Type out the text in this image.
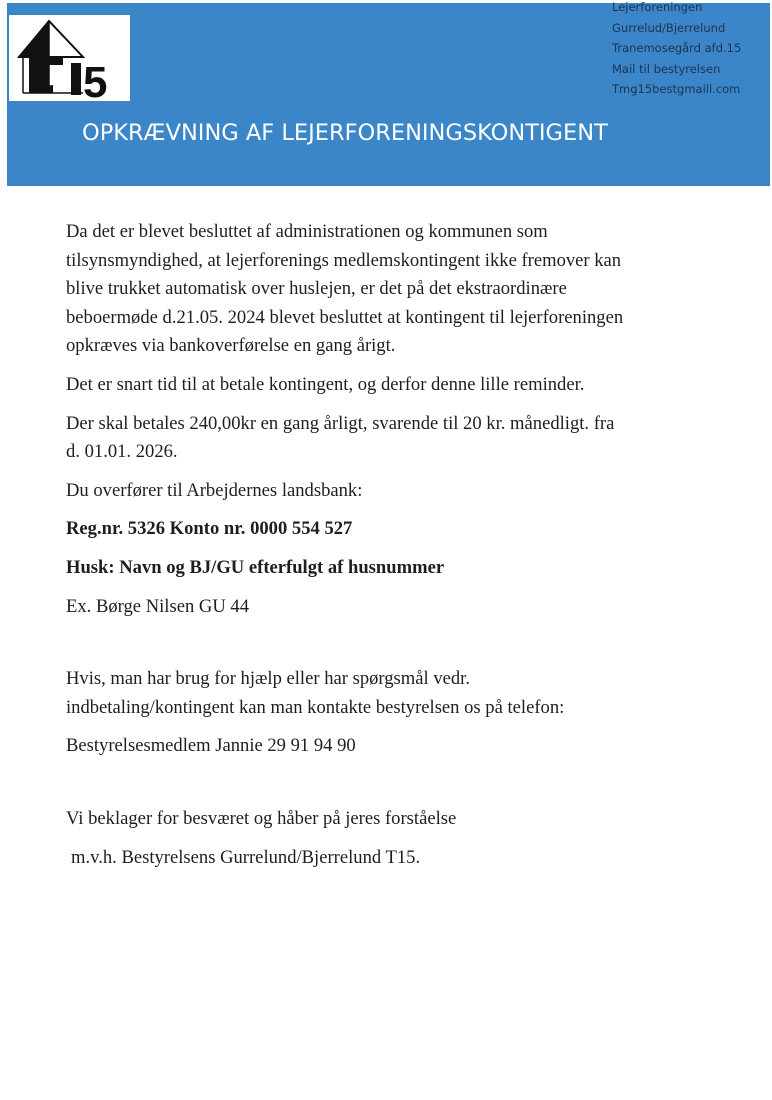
5
Lejerforeningen
Gurrelud/Bjerrelund
Tranemosegård afd.15
Mail til bestyrelsen
Tmg15bestgmaill.com
OPKRÆVNING AF LEJERFORENINGSKONTIGENT

Da det er blevet besluttet af administrationen og kommunen som
tilsynsmyndighed, at lejerforenings medlemskontingent ikke fremover kan
blive trukket automatisk over huslejen, er det på det ekstraordinære
beboermøde d.21.05. 2024 blevet besluttet at kontingent til lejerforeningen
opkræves via bankoverførelse en gang årigt.

Det er snart tid til at betale kontingent, og derfor denne lille reminder.

Der skal betales 240,00kr en gang årligt, svarende til 20 kr. månedligt. fra
d. 01.01. 2026.

Du overfører til Arbejdernes landsbank:

Reg.nr. 5326 Konto nr. 0000 554 527

Husk: Navn og BJ/GU efterfulgt af husnummer

Ex. Børge Nilsen GU 44

Hvis, man har brug for hjælp eller har spørgsmål vedr.
indbetaling/kontingent kan man kontakte bestyrelsen os på telefon:

Bestyrelsesmedlem Jannie 29 91 94 90

Vi beklager for besværet og håber på jeres forståelse

m.v.h. Bestyrelsens Gurrelund/Bjerrelund T15.
